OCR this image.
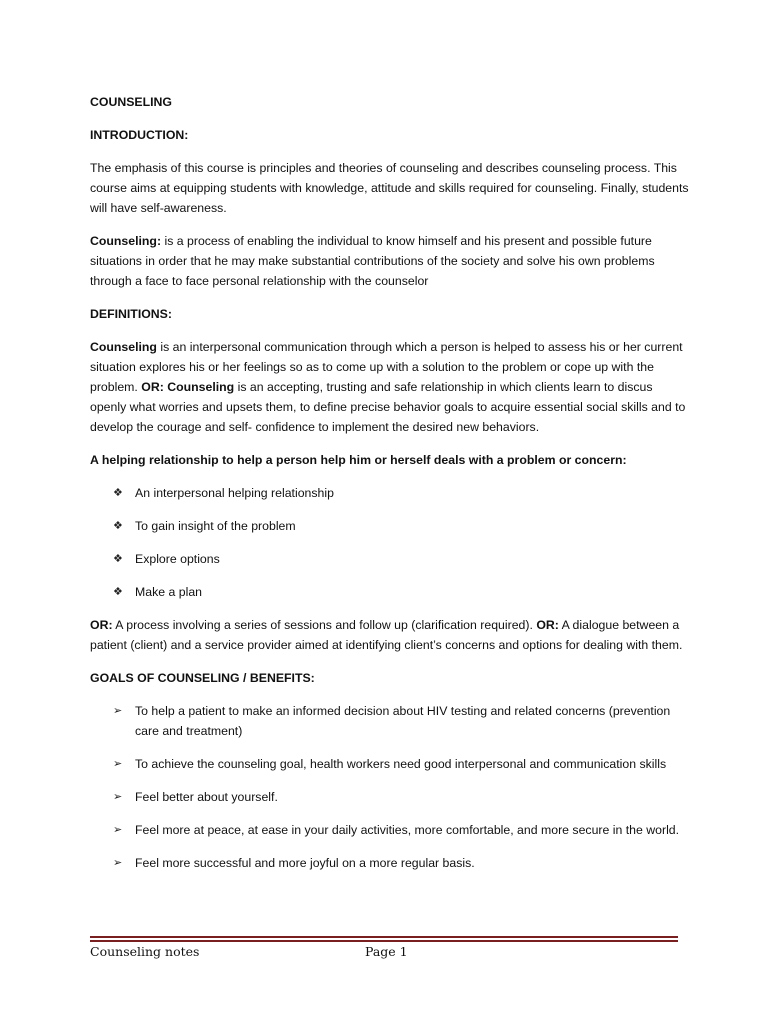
COUNSELING
INTRODUCTION:

The emphasis of this course is principles and theories of counseling and describes counseling process. This course aims at equipping students with knowledge, attitude and skills required for counseling. Finally, students will have self-awareness.

Counseling: is a process of enabling the individual to know himself and his present and possible future situations in order that he may make substantial contributions of the society and solve his own problems through a face to face personal relationship with the counselor

DEFINITIONS:

Counseling is an interpersonal communication through which a person is helped to assess his or her current situation explores his or her feelings so as to come up with a solution to the problem or cope up with the problem. OR: Counseling is an accepting, trusting and safe relationship in which clients learn to discus openly what worries and upsets them, to define precise behavior goals to acquire essential social skills and to develop the courage and self- confidence to implement the desired new behaviors.

A helping relationship to help a person help him or herself deals with a problem or concern:
❖ An interpersonal helping relationship
❖ To gain insight of the problem
❖ Explore options
❖ Make a plan

OR: A process involving a series of sessions and follow up (clarification required). OR: A dialogue between a patient (client) and a service provider aimed at identifying client’s concerns and options for dealing with them.

GOALS OF COUNSELING / BENEFITS:
➢ To help a patient to make an informed decision about HIV testing and related concerns (prevention care and treatment)
➢ To achieve the counseling goal, health workers need good interpersonal and communication skills
➢ Feel better about yourself.
➢ Feel more at peace, at ease in your daily activities, more comfortable, and more secure in the world.
➢ Feel more successful and more joyful on a more regular basis.
Counseling notes	Page 1
